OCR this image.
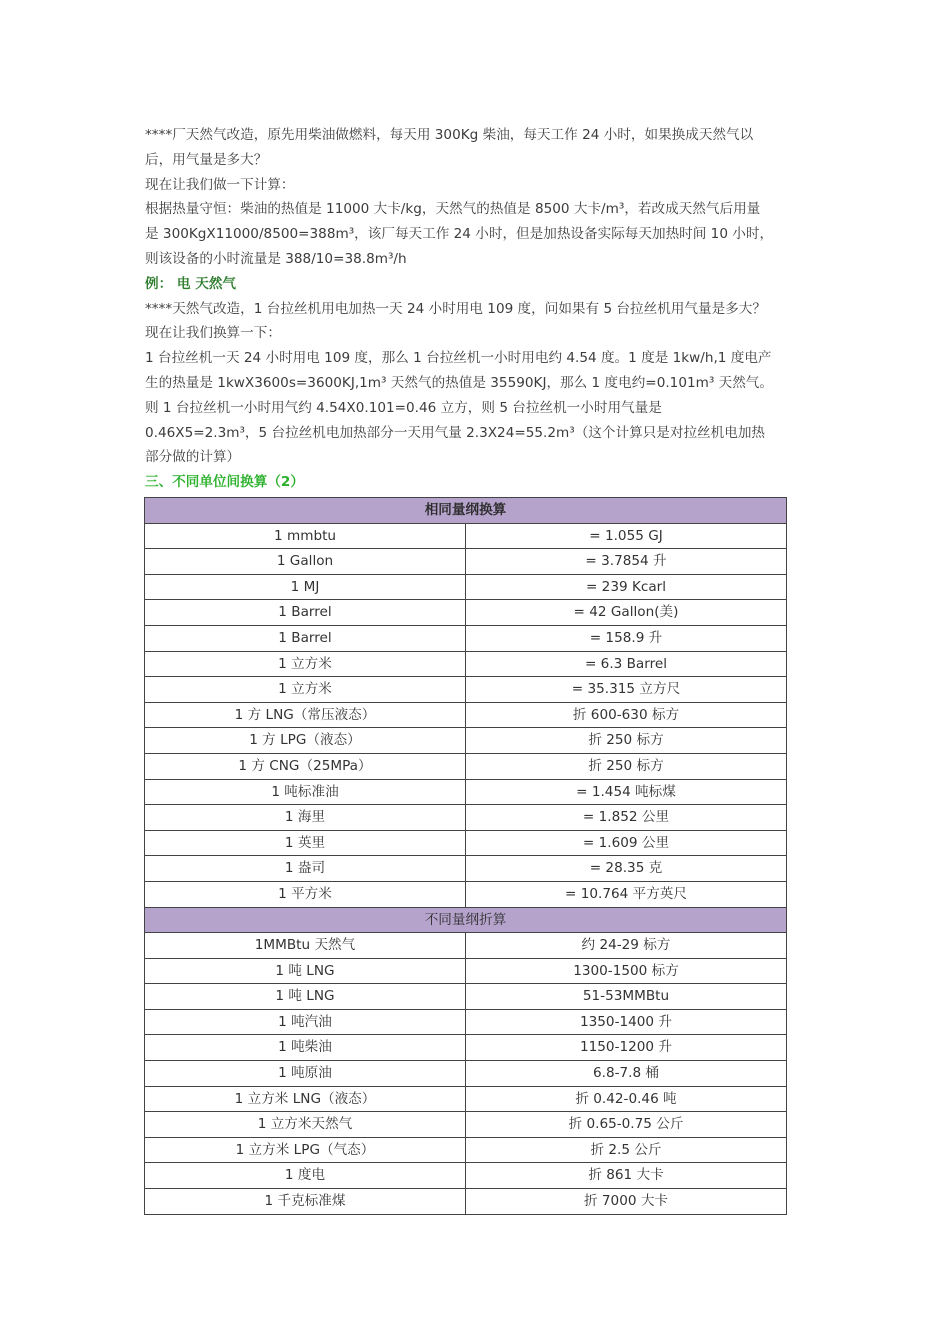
****厂天然气改造，原先用柴油做燃料，每天用 300Kg 柴油，每天工作 24 小时，如果换成天然气以

后，用气量是多大？

现在让我们做一下计算：

根据热量守恒：柴油的热值是 11000 大卡/kg，天然气的热值是 8500 大卡/m³，若改成天然气后用量

是 300KgX11000/8500=388m³，该厂每天工作 24 小时，但是加热设备实际每天加热时间 10 小时，

则该设备的小时流量是 388/10=38.8m³/h

例： 电 天然气

****天然气改造，1 台拉丝机用电加热一天 24 小时用电 109 度，问如果有 5 台拉丝机用气量是多大？

现在让我们换算一下：

1 台拉丝机一天 24 小时用电 109 度，那么 1 台拉丝机一小时用电约 4.54 度。1 度是 1kw/h,1 度电产

生的热量是 1kwX3600s=3600KJ,1m³ 天然气的热值是 35590KJ，那么 1 度电约=0.101m³ 天然气。

则 1 台拉丝机一小时用气约 4.54X0.101=0.46 立方，则 5 台拉丝机一小时用气量是

0.46X5=2.3m³，5 台拉丝机电加热部分一天用气量 2.3X24=55.2m³（这个计算只是对拉丝机电加热

部分做的计算）

三、不同单位间换算（2）

相同量纲换算	
1 mmbtu	= 1.055 GJ
1 Gallon	= 3.7854 升
1 MJ	= 239 Kcarl
1 Barrel	= 42 Gallon(美)
1 Barrel	= 158.9 升
1 立方米	= 6.3 Barrel
1 立方米	= 35.315 立方尺
1 方 LNG（常压液态）	折 600-630 标方
1 方 LPG（液态）	折 250 标方
1 方 CNG（25MPa）	折 250 标方
1 吨标准油	= 1.454 吨标煤
1 海里	= 1.852 公里
1 英里	= 1.609 公里
1 盎司	= 28.35 克
1 平方米	= 10.764 平方英尺
不同量纲折算	
1MMBtu 天然气	约 24-29 标方
1 吨 LNG	1300-1500 标方
1 吨 LNG	51-53MMBtu
1 吨汽油	1350-1400 升
1 吨柴油	1150-1200 升
1 吨原油	6.8-7.8 桶
1 立方米 LNG（液态）	折 0.42-0.46 吨
1 立方米天然气	折 0.65-0.75 公斤
1 立方米 LPG（气态）	折 2.5 公斤
1 度电	折 861 大卡
1 千克标准煤	折 7000 大卡
